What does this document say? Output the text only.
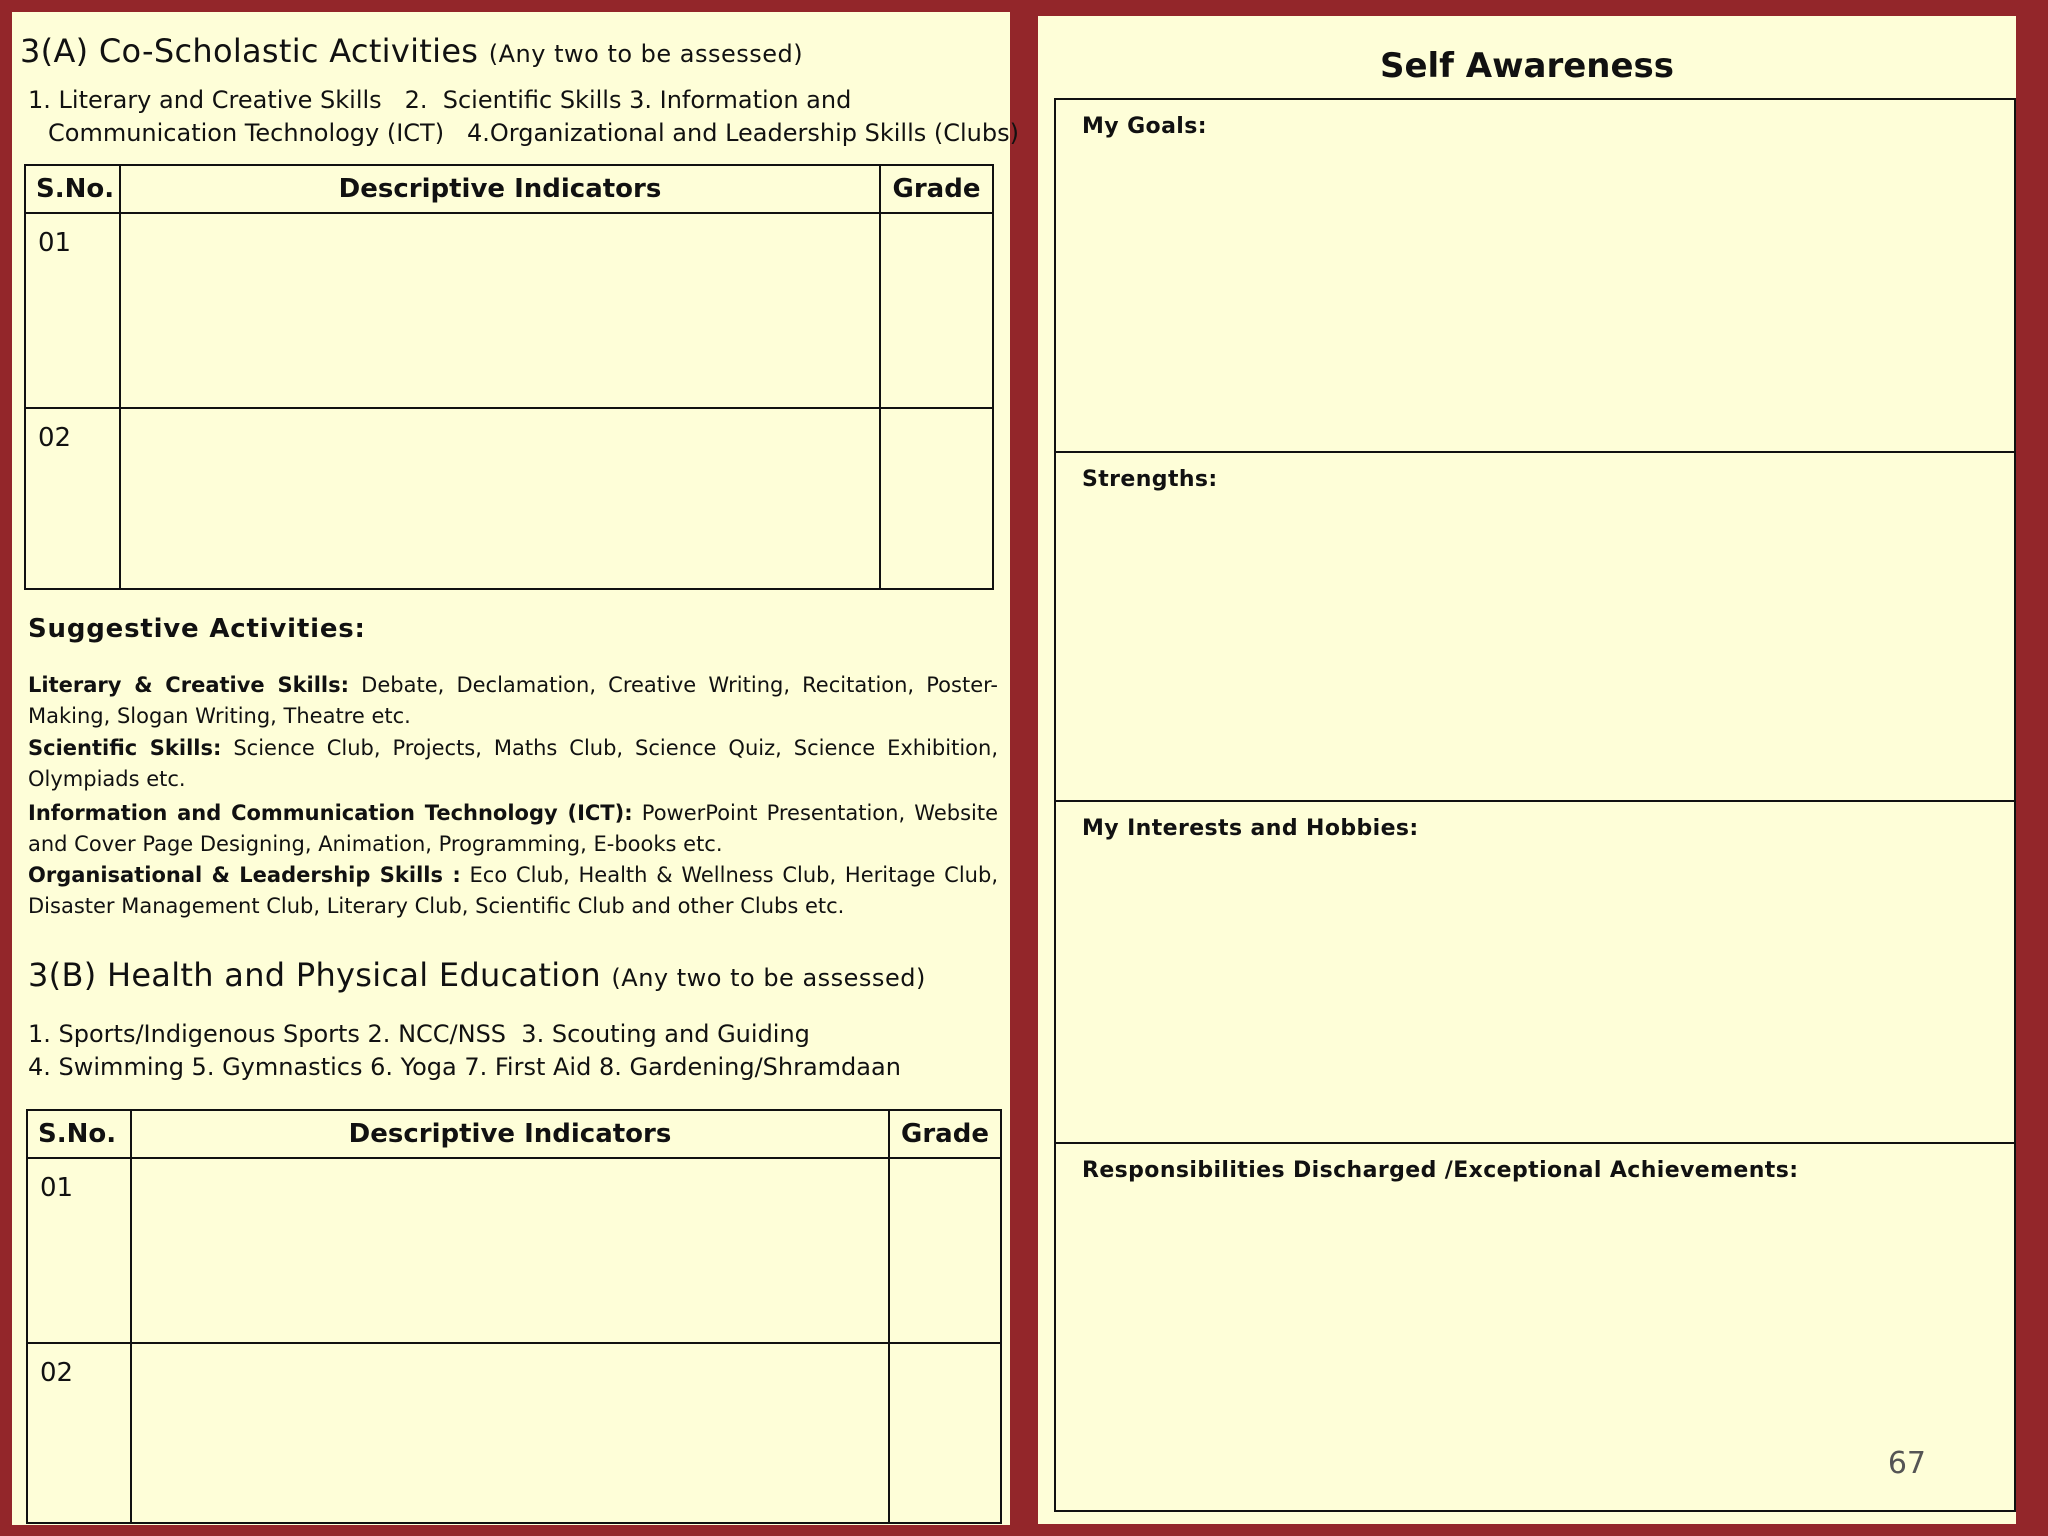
3(A) Co-Scholastic Activities (Any two to be assessed)
1. Literary and Creative Skills   2.  Scientific Skills 3. Information and
Communication Technology (ICT)   4.Organizational and Leadership Skills (Clubs)
S.No.	Descriptive Indicators	Grade
01		
02		
Suggestive Activities:
Literary & Creative Skills: Debate, Declamation, Creative Writing, Recitation, Poster-Making, Slogan Writing, Theatre etc.
Scientific Skills: Science Club, Projects, Maths Club, Science Quiz, Science Exhibition, Olympiads etc.
Information and Communication Technology (ICT): PowerPoint Presentation, Website and Cover Page Designing, Animation, Programming, E-books etc.
Organisational & Leadership Skills : Eco Club, Health & Wellness Club, Heritage Club, Disaster Management Club, Literary Club, Scientific Club and other Clubs etc.
3(B) Health and Physical Education (Any two to be assessed)
1. Sports/Indigenous Sports 2. NCC/NSS  3. Scouting and Guiding
4. Swimming 5. Gymnastics 6. Yoga 7. First Aid 8. Gardening/Shramdaan
S.No.	Descriptive Indicators	Grade
01		
02		
Self Awareness
My Goals:
Strengths:
My Interests and Hobbies:
Responsibilities Discharged /Exceptional Achievements:
67
